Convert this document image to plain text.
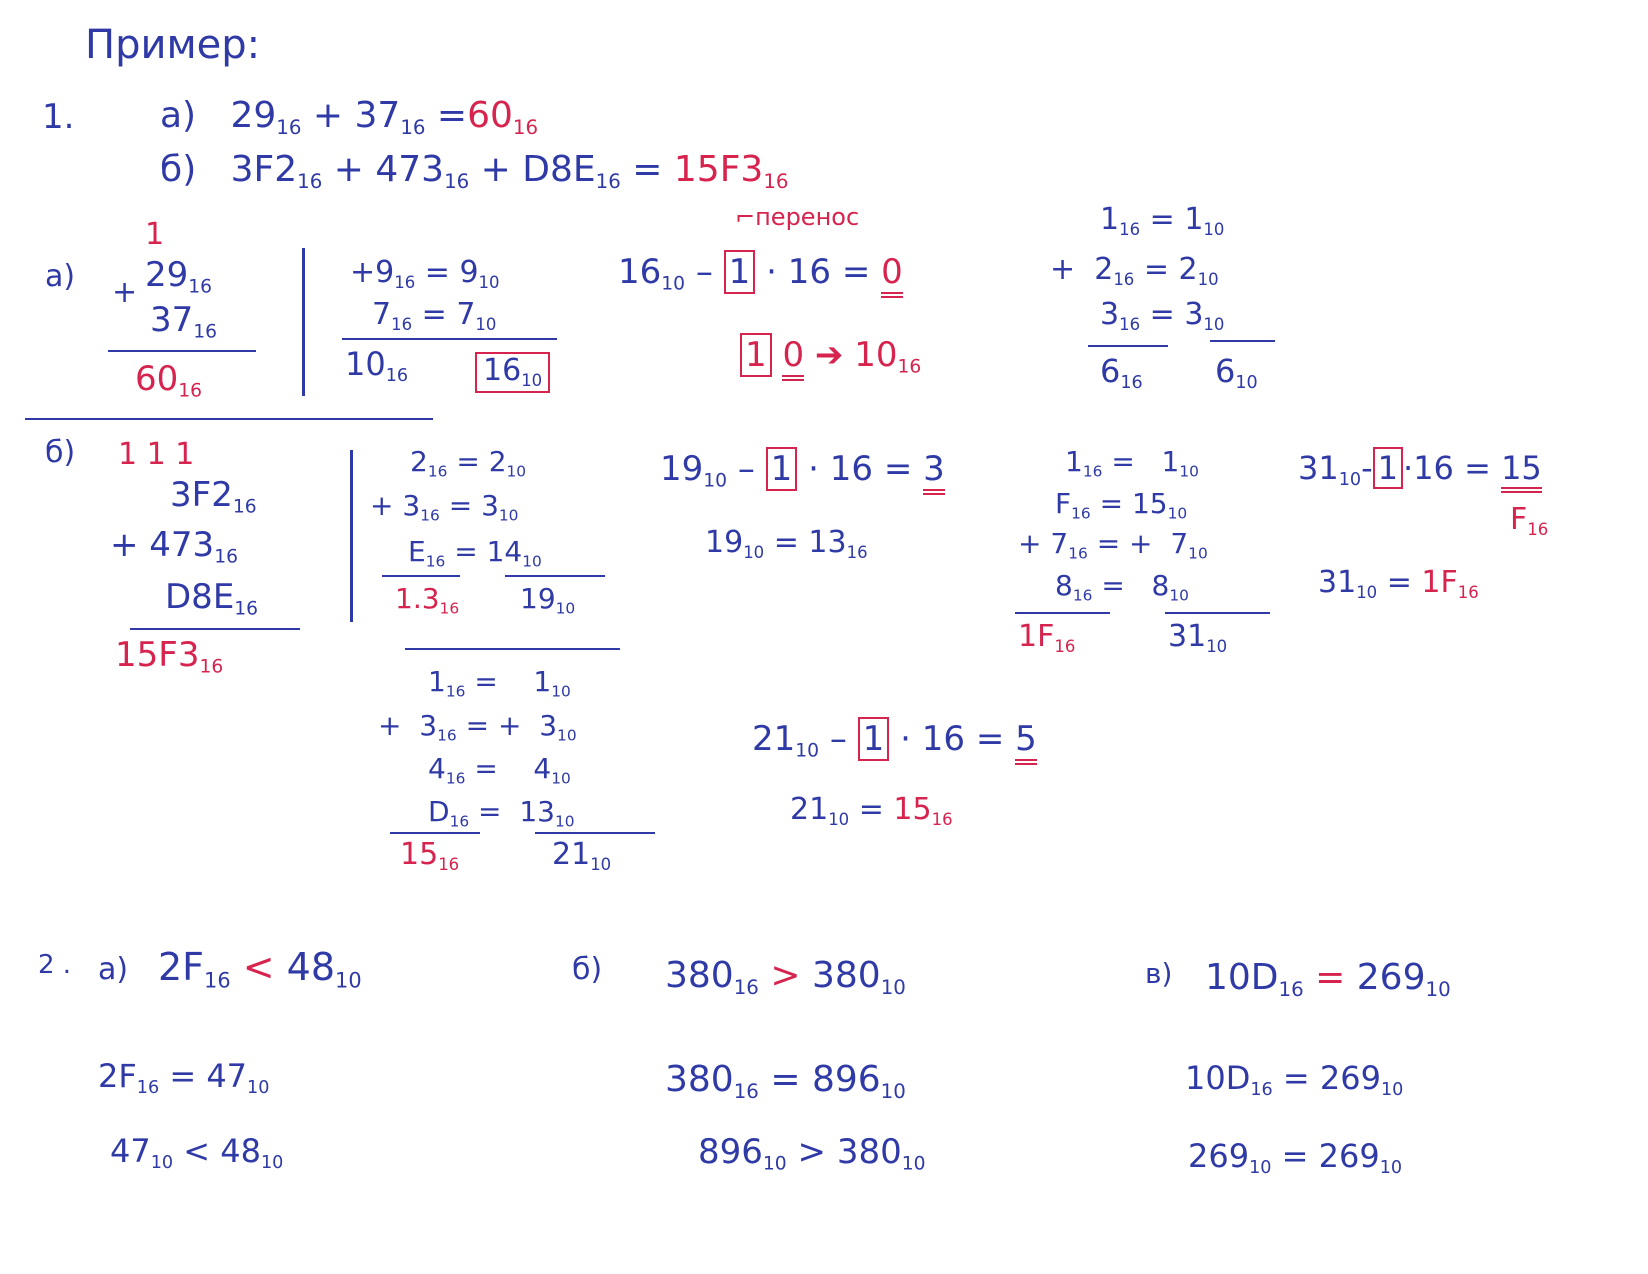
Пример:
1. а) $29_{16} + 37_{16} =60_{16}$
б) $3F2_{16} + 473_{16} + D8E_{16} = 15F3_{16}$
а)
1
+ $29_{16}$
$37_{16}$
$60_{16}$
$+9_{16} = 9_{10}$
$7_{16} = 7_{10}$
$10_{16}$ $16_{10}$
⌐перенос
$16_{10} - 1 \cdot 16 = 0$
1 0 ➔ $10_{16}$
$1_{16} = 1_{10}$
+  $2_{16} = 2_{10}$
$3_{16} = 3_{10}$
$6_{16}$ $6_{10}$
б) 1 1 1
$3F2_{16}$
+ $473_{16}$
$D8E_{16}$
$15F3_{16}$
$2_{16} = 2_{10}$
+ $3_{16} = 3_{10}$
$E_{16} = 14_{10}$
$1.3_{16}$ $19_{10}$
$19_{10} - 1 \cdot 16 = 3$
$19_{10} = 13_{16}$
$1_{16} = 1_{10}$
$F_{16} = 15_{10}$
+ $7_{16}$ = +  $7_{10}$
$8_{16} = 8_{10}$
$1F_{16}$	$31_{10}$
$31_{10}-$ 1 ·16 = 15
$F_{16}$
$31_{10} = 1F_{16}$
$1_{16}$ =    $1_{10}$
+  $3_{16}$ = +  $3_{10}$
$4_{16}$ =    $4_{10}$
$D_{16} = 13_{10}$
$15_{16}$	$21_{10}$
$21_{10} - 1 \cdot 16 = 5$
$21_{10} = 15_{16}$
2 . а) $2F_{16} < 48_{10}$
$2F_{16} = 47_{10}$
$47_{10} < 48_{10}$
б) $380_{16} > 380_{10}$
$380_{16} = 896_{10}$
$896_{10} > 380_{10}$
в) $10D_{16} = 269_{10}$
$10D_{16} = 269_{10}$
$269_{10} = 269_{10}$
